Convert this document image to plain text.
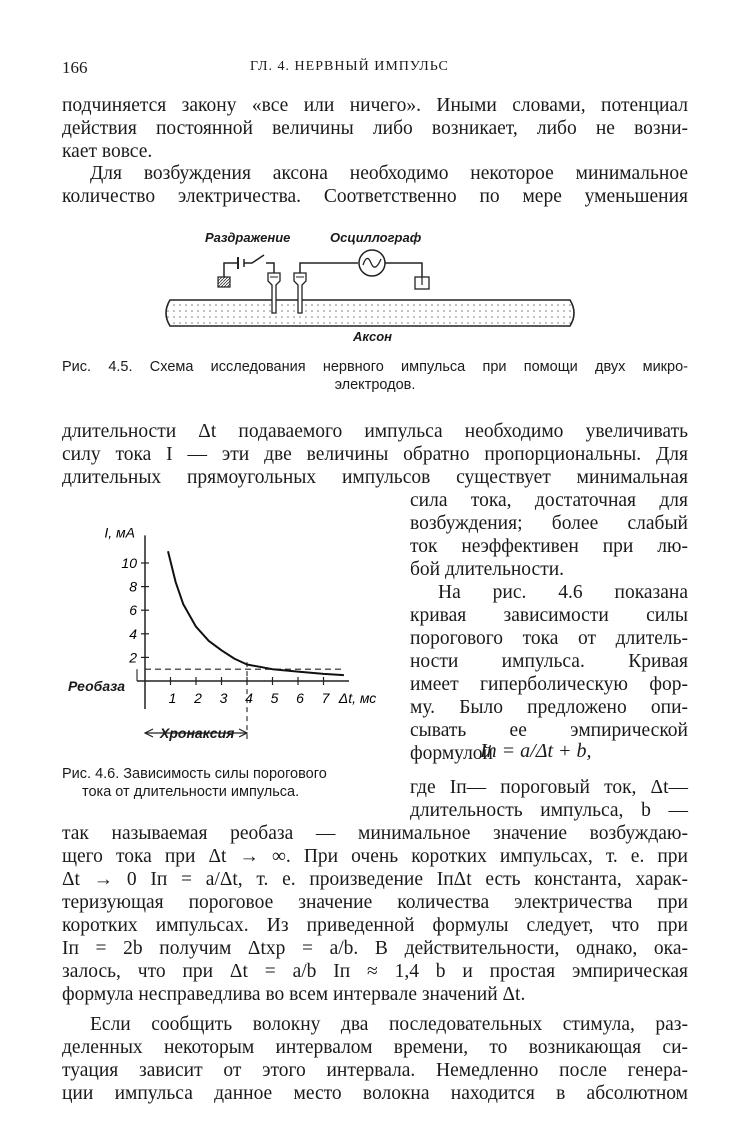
166	ГЛ. 4. НЕРВНЫЙ ИМПУЛЬС
подчиняется закону «все или ничего». Иными словами, потенциал
действия постоянной величины либо возникает, либо не возни-
кает вовсе.
Для возбуждения аксона необходимо некоторое минимальное
количество электричества. Соответственно по мере уменьшения
Раздражение	Осциллограф
Аксон
Рис. 4.5. Схема исследования нервного импульса при помощи двух микро-
электродов.
длительности Δt подаваемого импульса необходимо увеличивать
силу тока I — эти две величины обратно пропорциональны. Для
длительных прямоугольных импульсов существует минимальная
2
4
6
8
10
1 2 3 4 5 6 7
I, мА
Δt, мс
Реобаза
Хронаксия
Рис. 4.6. Зависимость силы порогового
тока от длительности импульса.
сила тока, достаточная для
возбуждения; более слабый
ток неэффективен при лю-
бой длительности.
На рис. 4.6 показана
кривая зависимости силы
порогового тока от длитель-
ности импульса. Кривая
имеет гиперболическую фор-
му. Было предложено опи-
сывать ее эмпирической
формулой
Iп = a/Δt + b,
где Iп— пороговый ток, Δt—
длительность импульса, b —
так называемая реобаза — минимальное значение возбуждаю-
щего тока при Δt → ∞. При очень коротких импульсах, т. е. при
Δt → 0 Iп = a/Δt, т. е. произведение IпΔt есть константа, харак-
теризующая пороговое значение количества электричества при
коротких импульсах. Из приведенной формулы следует, что при
Iп = 2b получим Δtхр = a/b. В действительности, однако, ока-
залось, что при Δt = a/b Iп ≈ 1,4 b и простая эмпирическая
формула несправедлива во всем интервале значений Δt.
Если сообщить волокну два последовательных стимула, раз-
деленных некоторым интервалом времени, то возникающая си-
туация зависит от этого интервала. Немедленно после генера-
ции импульса данное место волокна находится в абсолютном
